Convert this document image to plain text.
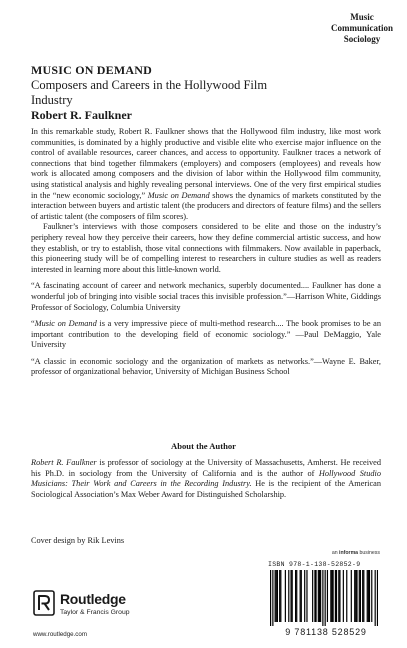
Music
Communication
Sociology
MUSIC ON DEMAND
Composers and Careers in the Hollywood Film Industry
Robert R. Faulkner

In this remarkable study, Robert R. Faulkner shows that the Hollywood film industry, like most work communities, is dominated by a highly productive and visible elite who exercise major influence on the control of available resources, career chances, and access to opportunity. Faulkner traces a network of connections that bind together filmmakers (employers) and composers (employees) and reveals how work is allocated among composers and the division of labor within the Hollywood film community, using statistical analysis and highly revealing personal interviews. One of the very first empirical studies in the “new economic sociology,” Music on Demand shows the dynamics of markets constituted by the interaction between buyers and artistic talent (the producers and directors of feature films) and the sellers of artistic talent (the composers of film scores).

Faulkner’s interviews with those composers considered to be elite and those on the industry’s periphery reveal how they perceive their careers, how they define commercial artistic success, and how they establish, or try to establish, those vital connections with filmmakers. Now available in paperback, this pioneering study will be of compelling interest to researchers in culture studies as well as readers interested in learning more about this little-known world.

“A fascinating account of career and network mechanics, superbly documented.... Faulkner has done a wonderful job of bringing into visible social traces this invisible profession.”—Harrison White, Giddings Professor of Sociology, Columbia University

“Music on Demand is a very impressive piece of multi-method research.... The book promises to be an important contribution to the developing field of economic sociology.” —Paul DeMaggio, Yale University

“A classic in economic sociology and the organization of markets as networks.”—Wayne E. Baker, professor of organizational behavior, University of Michigan Business School

About the Author
Robert R. Faulkner is professor of sociology at the University of Massachusetts, Amherst. He received his Ph.D. in sociology from the University of California and is the author of Hollywood Studio Musicians: Their Work and Careers in the Recording Industry. He is the recipient of the American Sociological Association’s Max Weber Award for Distinguished Scholarship.
Cover design by Rik Levins
an informa business
ISBN 978-1-138-52852-9
9 781138 528529
Routledge
Taylor & Francis Group
www.routledge.com
